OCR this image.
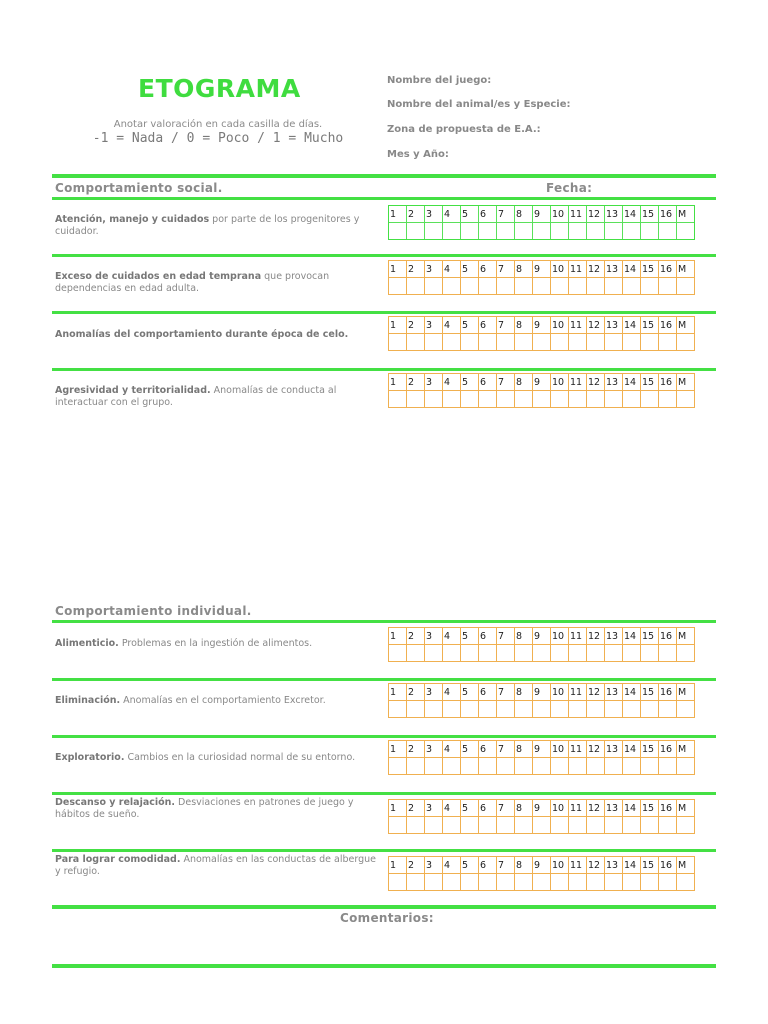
ETOGRAMA
Anotar valoración en cada casilla de días.
-1 = Nada / 0 = Poco / 1 = Mucho
Nombre del juego:
Nombre del animal/es y Especie:
Zona de propuesta de E.A.:
Mes y Año:
Comportamiento social.	Fecha:
Atención, manejo y cuidados por parte de los progenitores y cuidador.
1	2	3	4	5	6	7	8	9	10	11	12	13	14	15	16	M

Exceso de cuidados en edad temprana que provocan dependencias en edad adulta.
1	2	3	4	5	6	7	8	9	10	11	12	13	14	15	16	M

Anomalías del comportamiento durante época de celo.
1	2	3	4	5	6	7	8	9	10	11	12	13	14	15	16	M

Agresividad y territorialidad. Anomalías de conducta al interactuar con el grupo.
1	2	3	4	5	6	7	8	9	10	11	12	13	14	15	16	M

Comportamiento individual.
Alimenticio. Problemas en la ingestión de alimentos.
1	2	3	4	5	6	7	8	9	10	11	12	13	14	15	16	M

Eliminación. Anomalías en el comportamiento Excretor.
1	2	3	4	5	6	7	8	9	10	11	12	13	14	15	16	M

Exploratorio. Cambios en la curiosidad normal de su entorno.
1	2	3	4	5	6	7	8	9	10	11	12	13	14	15	16	M

Descanso y relajación. Desviaciones en patrones de juego y hábitos de sueño.
1	2	3	4	5	6	7	8	9	10	11	12	13	14	15	16	M

Para lograr comodidad. Anomalías en las conductas de albergue y refugio.
1	2	3	4	5	6	7	8	9	10	11	12	13	14	15	16	M

Comentarios:
